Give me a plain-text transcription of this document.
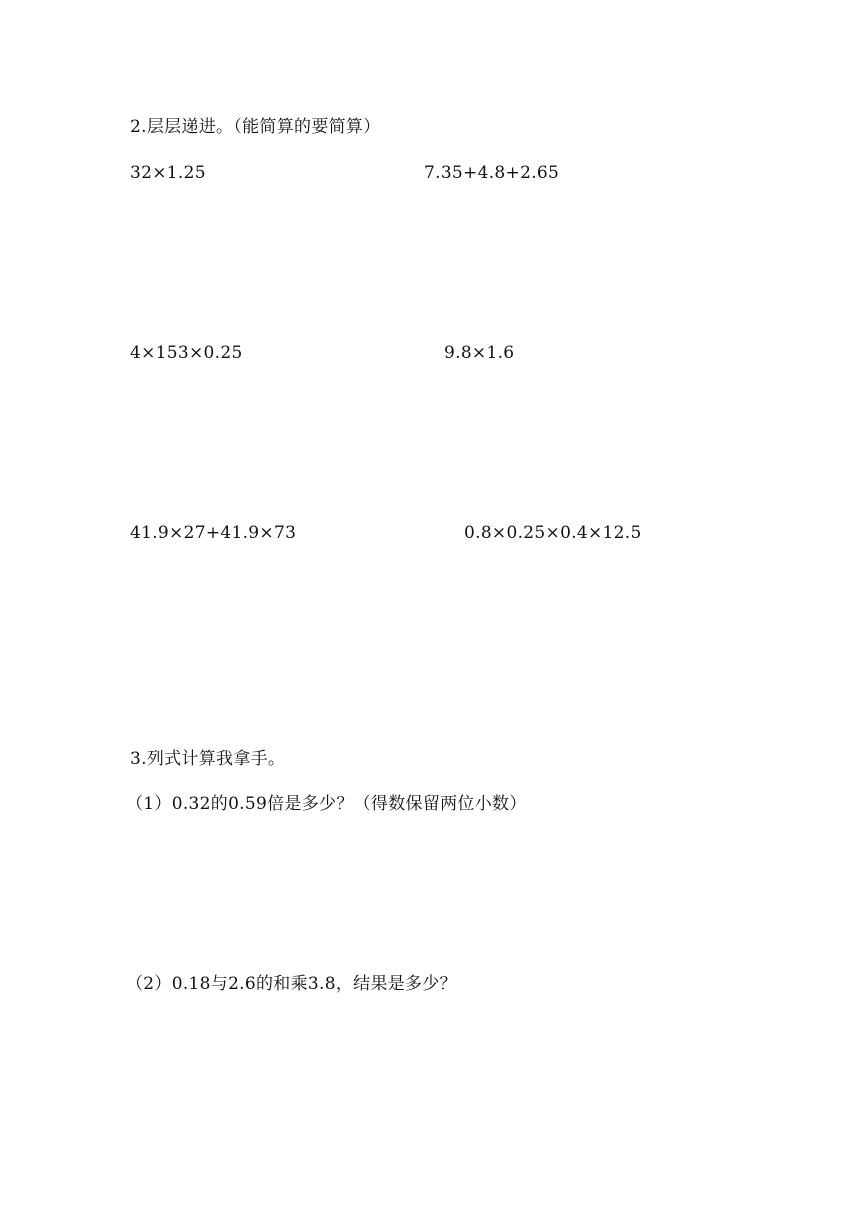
2.层层递进。（能简算的要简算）
32×1.25	7.35+4.8+2.65
4×153×0.25	9.8×1.6
41.9×27+41.9×73	0.8×0.25×0.4×12.5
3.列式计算我拿手。
（1）0.32的0.59倍是多少？（得数保留两位小数）
（2）0.18与2.6的和乘3.8，结果是多少？
